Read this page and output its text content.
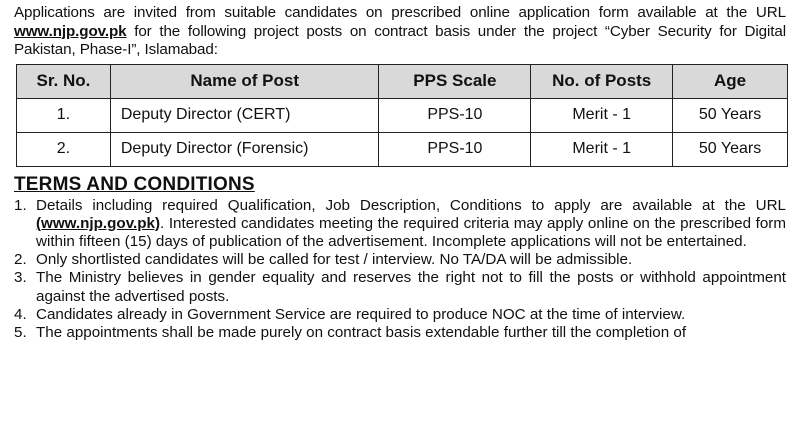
Applications are invited from suitable candidates on prescribed online application form available at the URL www.njp.gov.pk for the following project posts on contract basis under the project “Cyber Security for Digital Pakistan, Phase-I”, Islamabad:

Sr. No.	Name of Post	PPS Scale	No. of Posts	Age
1.	Deputy Director (CERT)	PPS-10	Merit - 1	50 Years
2.	Deputy Director (Forensic)	PPS-10	Merit - 1	50 Years
TERMS AND CONDITIONS
1. Details including required Qualification, Job Description, Conditions to apply are available at the URL (www.njp.gov.pk). Interested candidates meeting the required criteria may apply online on the prescribed form within fifteen (15) days of publication of the advertisement. Incomplete applications will not be entertained.
2. Only shortlisted candidates will be called for test / interview. No TA/DA will be admissible.
3. The Ministry believes in gender equality and reserves the right not to fill the posts or withhold appointment against the advertised posts.
4. Candidates already in Government Service are required to produce NOC at the time of interview.
5. The appointments shall be made purely on contract basis extendable further till the completion of
